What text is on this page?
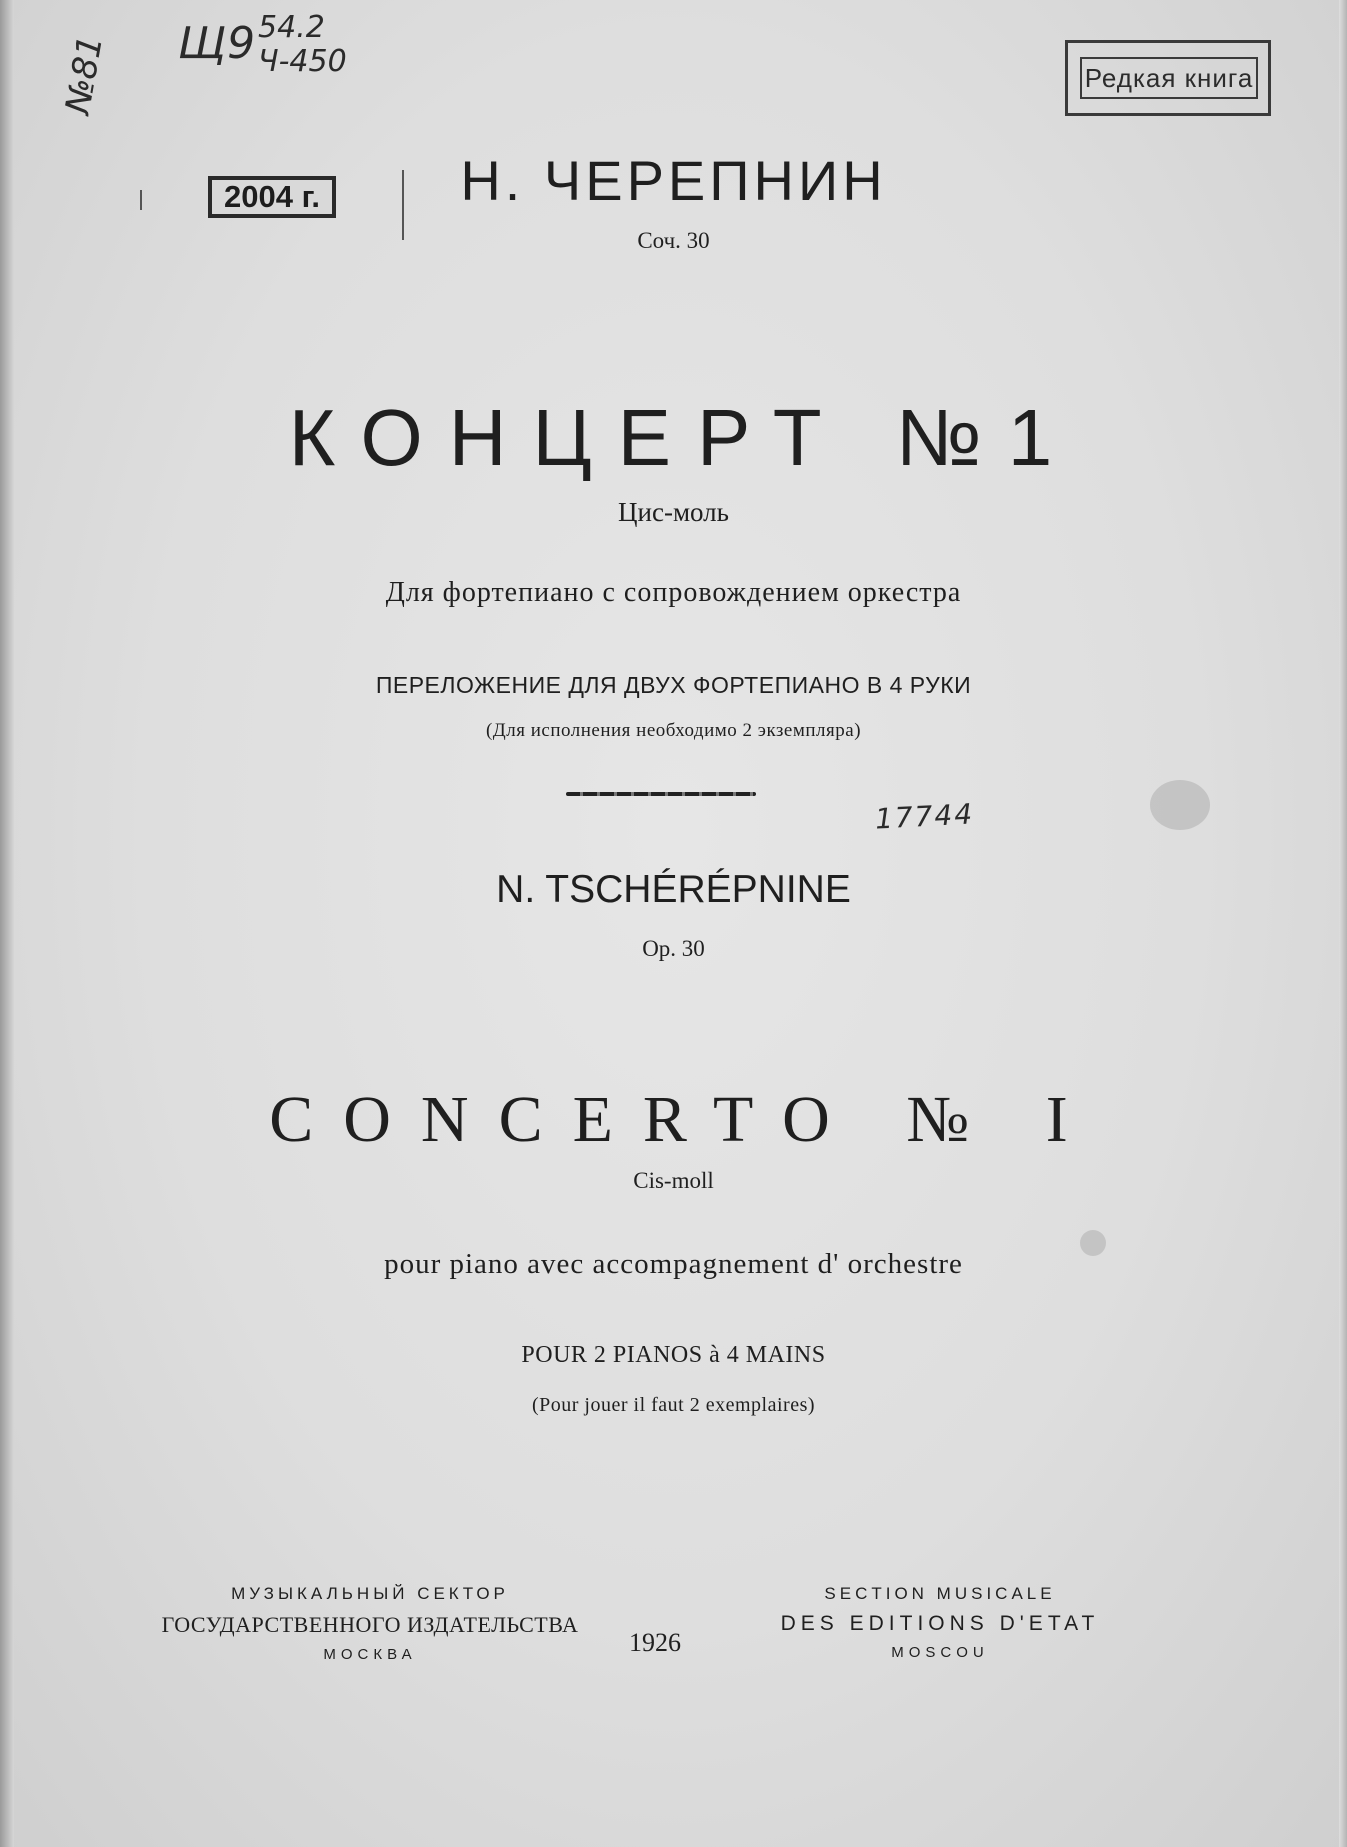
Щ9 54.2
Ч-450
№81
17744
2004 г.
Редкая книга
Н. ЧЕРЕПНИН
Соч. 30
КОНЦЕРТ №1
Цис-моль
Для фортепиано с сопровождением оркестра
ПЕРЕЛОЖЕНИЕ ДЛЯ ДВУХ ФОРТЕПИАНО В 4 РУКИ
(Для исполнения необходимо 2 экземпляра)
N. TSCHÉRÉPNINE
Op. 30
CONCERTO № I
Cis-moll
pour piano avec accompagnement d' orchestre
POUR 2 PIANOS à 4 MAINS
(Pour jouer il faut 2 exemplaires)
МУЗЫКАЛЬНЫЙ СЕКТОР
ГОСУДАРСТВЕННОГО ИЗДАТЕЛЬСТВА
МОСКВА	1926
SECTION MUSICALE
DES EDITIONS D'ETAT
MOSCOU
